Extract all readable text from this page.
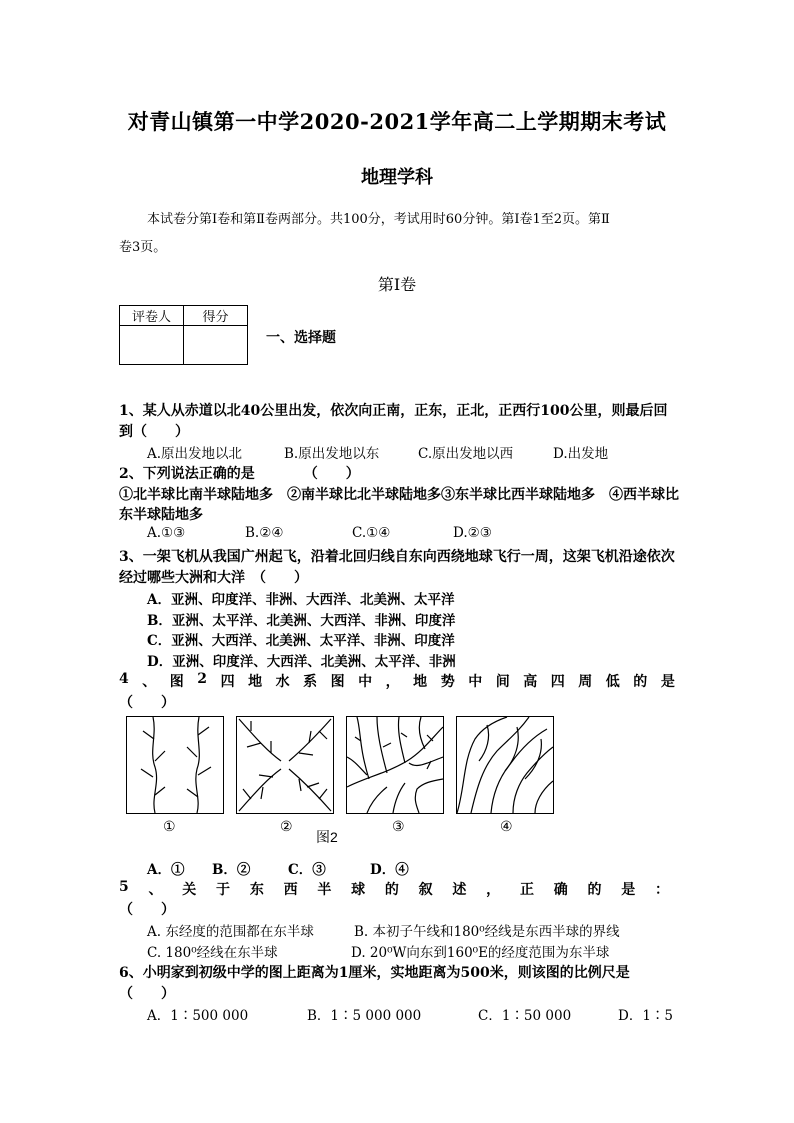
对青山镇第一中学2020-2021学年高二上学期期末考试
地理学科
本试卷分第Ⅰ卷和第Ⅱ卷两部分。共100分，考试用时60分钟。第Ⅰ卷1至2页。第Ⅱ
卷3页。
第Ⅰ卷
评卷人	得分

一、选择题
1、某人从赤道以北40公里出发，依次向正南，正东，正北，正西行100公里，则最后回
到（　　）
A.原出发地以北	B.原出发地以东	C.原出发地以西	D.出发地
2、下列说法正确的是　　　　（　　）
①北半球比南半球陆地多　②南半球比北半球陆地多③东半球比西半球陆地多　④西半球比
东半球陆地多
A.①③	B.②④	C.①④	D.②③
3、一架飞机从我国广州起飞，沿着北回归线自东向西绕地球飞行一周，这架飞机沿途依次
经过哪些大洲和大洋　（　　）
A．亚洲、印度洋、非洲、大西洋、北美洲、太平洋
B．亚洲、太平洋、北美洲、大西洋、非洲、印度洋
C．亚洲、大西洋、北美洲、太平洋、非洲、印度洋
D．亚洲、印度洋、大西洋、北美洲、太平洋、非洲
4 、 图 2 四 地 水 系 图 中 ， 地 势 中 间 高 四 周 低 的 是
（　　）
①	②
图2
③	④
A．① B．②	C．③	D．④
5 、 关 于 东 西 半 球 的 叙 述 ， 正 确 的 是 ：
（　　）
A. 东经度的范围都在东半球	B. 本初子午线和180⁰经线是东西半球的界线
C. 180⁰经线在东半球	D. 20⁰W向东到160⁰E的经度范围为东半球
6、小明家到初级中学的图上距离为1厘米，实地距离为500米，则该图的比例尺是
（　　）
A．1∶500 000	B．1∶5 000 000	C．1∶50 000	D．1∶5
